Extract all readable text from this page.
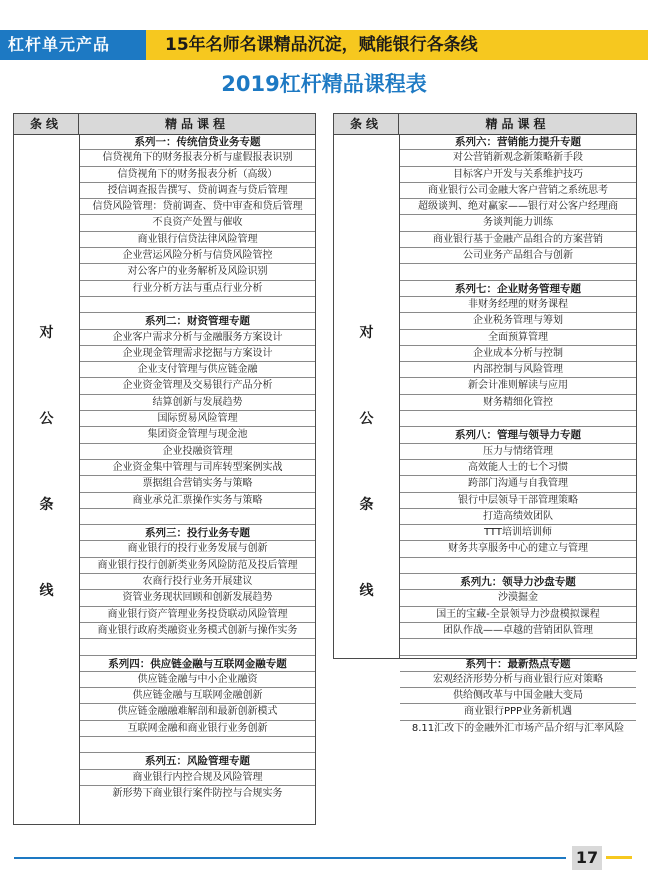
杠杆单元产品	15年名师名课精品沉淀，赋能银行各条线
2019杠杆精品课程表
条线	精品课程
对
公
条
线
系列一：传统信贷业务专题
信贷视角下的财务报表分析与虚假报表识别
信贷视角下的财务报表分析（高级）
授信调查报告撰写、贷前调查与贷后管理
信贷风险管理：贷前调查、贷中审查和贷后管理
不良资产处置与催收
商业银行信贷法律风险管理
企业营运风险分析与信贷风险管控
对公客户的业务解析及风险识别
行业分析方法与重点行业分析
系列二：财资管理专题
企业客户需求分析与金融服务方案设计
企业现金管理需求挖掘与方案设计
企业支付管理与供应链金融
企业资金管理及交易银行产品分析
结算创新与发展趋势
国际贸易风险管理
集团资金管理与现金池
企业投融资管理
企业资金集中管理与司库转型案例实战
票据组合营销实务与策略
商业承兑汇票操作实务与策略
系列三：投行业务专题
商业银行的投行业务发展与创新
商业银行投行创新类业务风险防范及投后管理
农商行投行业务开展建议
资管业务现状回顾和创新发展趋势
商业银行资产管理业务投贷联动风险管理
商业银行政府类融资业务模式创新与操作实务
系列四：供应链金融与互联网金融专题
供应链金融与中小企业融资
供应链金融与互联网金融创新
供应链金融融难解剖和最新创新模式
互联网金融和商业银行业务创新
系列五：风险管理专题
商业银行内控合规及风险管理
新形势下商业银行案件防控与合规实务
条线	精品课程
对
公
条
线
系列六：营销能力提升专题
对公营销新观念新策略新手段
目标客户开发与关系维护技巧
商业银行公司金融大客户营销之系统思考
超级谈判、绝对赢家——银行对公客户经理商
务谈判能力训练
商业银行基于金融产品组合的方案营销
公司业务产品组合与创新
系列七：企业财务管理专题
非财务经理的财务课程
企业税务管理与筹划
全面预算管理
企业成本分析与控制
内部控制与风险管理
新会计准则解读与应用
财务精细化管控
系列八：管理与领导力专题
压力与情绪管理
高效能人士的七个习惯
跨部门沟通与自我管理
银行中层领导干部管理策略
打造高绩效团队
TTT培训培训师
财务共享服务中心的建立与管理
系列九：领导力沙盘专题
沙漠掘金
国王的宝藏-全景领导力沙盘模拟课程
团队作战——卓越的营销团队管理
系列十：最新热点专题
宏观经济形势分析与商业银行应对策略
供给侧改革与中国金融大变局
商业银行PPP业务新机遇
8.11汇改下的金融外汇市场产品介绍与汇率风险
17
